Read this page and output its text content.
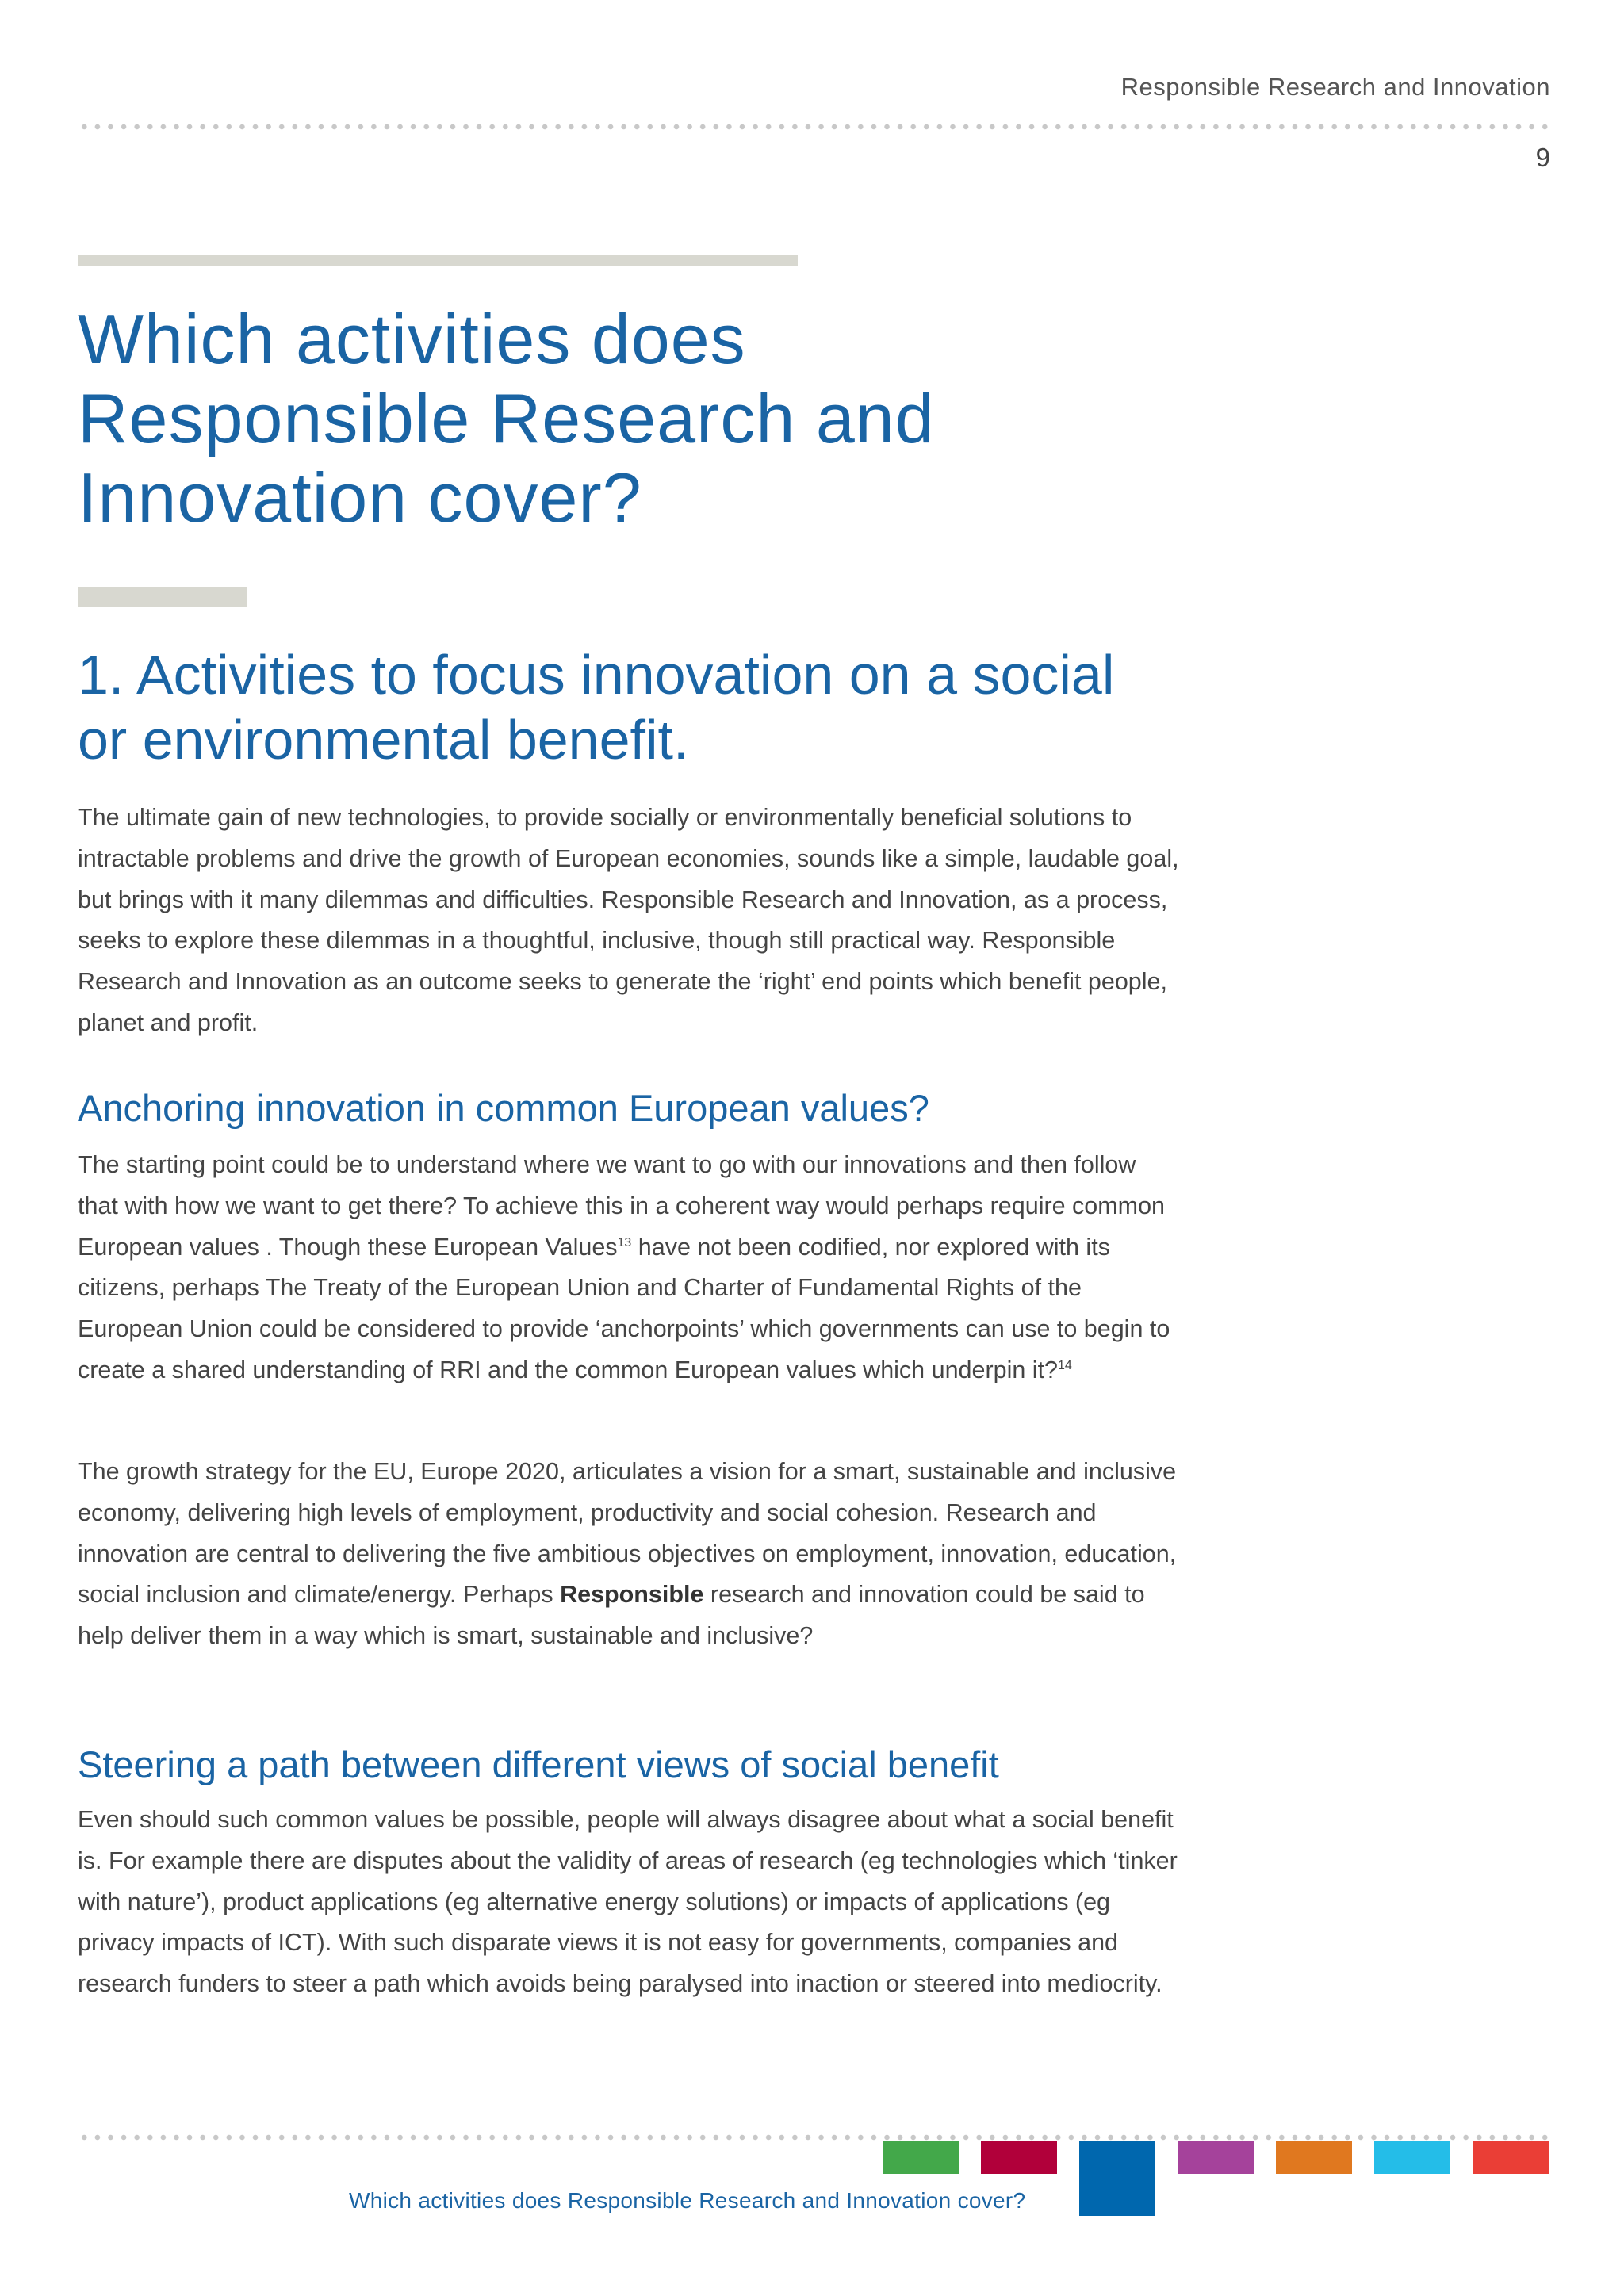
Responsible Research and Innovation
9
Which activities does Responsible Research and Innovation cover?
1. Activities to focus innovation on a social or environmental benefit.

The ultimate gain of new technologies, to provide socially or environmentally beneficial solutions to intractable problems and drive the growth of European economies, sounds like a simple, laudable goal, but brings with it many dilemmas and difficulties. Responsible Research and Innovation, as a process, seeks to explore these dilemmas in a thoughtful, inclusive, though still practical way. Responsible Research and Innovation as an outcome seeks to generate the ‘right’ end points which benefit people, planet and profit.

Anchoring innovation in common European values?

The starting point could be to understand where we want to go with our innovations and then follow that with how we want to get there? To achieve this in a coherent way would perhaps require common European values . Though these European Values$^{13}$ have not been codified, nor explored with its citizens, perhaps The Treaty of the European Union and Charter of Fundamental Rights of the European Union could be considered to provide ‘anchorpoints’ which governments can use to begin to create a shared understanding of RRI and the common European values which underpin it?$^{14}$

The growth strategy for the EU, Europe 2020, articulates a vision for a smart, sustainable and inclusive economy, delivering high levels of employment, productivity and social cohesion. Research and innovation are central to delivering the five ambitious objectives on employment, innovation, education, social inclusion and climate/energy. Perhaps Responsible research and innovation could be said to help deliver them in a way which is smart, sustainable and inclusive?

Steering a path between different views of social benefit

Even should such common values be possible, people will always disagree about what a social benefit is. For example there are disputes about the validity of areas of research (eg technologies which ‘tinker with nature’), product applications (eg alternative energy solutions) or impacts of applications (eg privacy impacts of ICT). With such disparate views it is not easy for governments, companies and research funders to steer a path which avoids being paralysed into inaction or steered into mediocrity.

Which activities does Responsible Research and Innovation cover?
